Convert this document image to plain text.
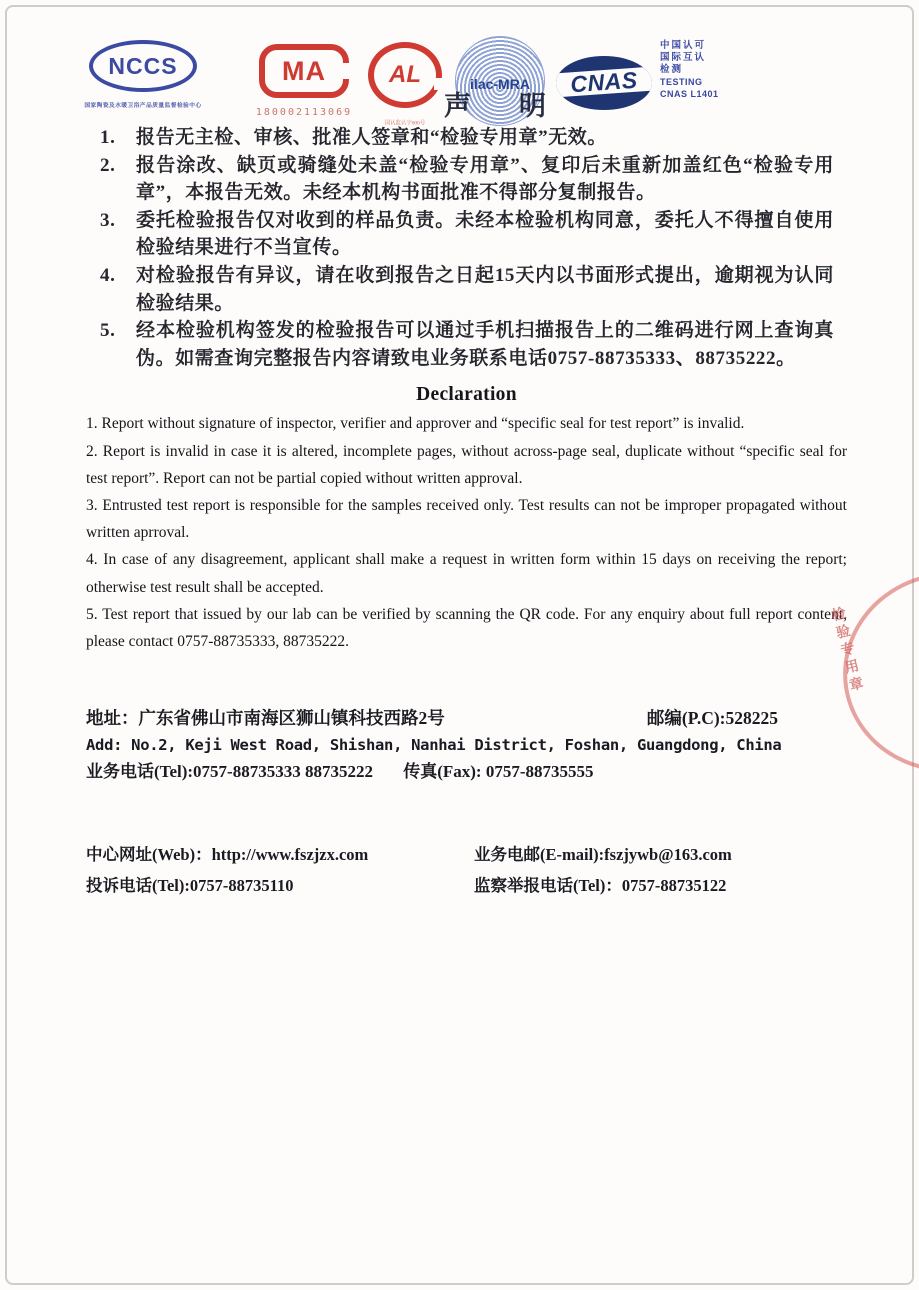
NCCS
国家陶瓷及水暖卫浴产品质量监督检验中心
MA
180002113069
AL
国认监认字000号
ilac-MRA	CNAS
中国认可
国际互认
检测
TESTING
CNAS L1401
声明
1.	报告无主检、审核、批准人签章和“检验专用章”无效。
2.	报告涂改、缺页或骑缝处未盖“检验专用章”、复印后未重新加盖红色“检验专用章”，本报告无效。未经本机构书面批准不得部分复制报告。
3.	委托检验报告仅对收到的样品负责。未经本检验机构同意，委托人不得擅自使用检验结果进行不当宣传。
4.	对检验报告有异议，请在收到报告之日起15天内以书面形式提出，逾期视为认同检验结果。
5.	经本检验机构签发的检验报告可以通过手机扫描报告上的二维码进行网上查询真伪。如需查询完整报告内容请致电业务联系电话0757-88735333、88735222。
Declaration

1. Report without signature of inspector, verifier and approver and “specific seal for test report” is invalid.

2. Report is invalid in case it is altered, incomplete pages, without across-page seal, duplicate without “specific seal for test report”. Report can not be partial copied without written approval.

3. Entrusted test report is responsible for the samples received only. Test results can not be improper propagated without written aprroval.

4. In case of any disagreement, applicant shall make a request in written form within 15 days on receiving the report; otherwise test result shall be accepted.

5. Test report that issued by our lab can be verified by scanning the QR code. For any enquiry about full report content, please contact 0757-88735333, 88735222.

地址：广东省佛山市南海区狮山镇科技西路2号	邮编(P.C):528225
Add: No.2, Keji West Road, Shishan, Nanhai District, Foshan, Guangdong, China
业务电话(Tel):0757-88735333 88735222 传真(Fax): 0757-88735555
中心网址(Web)：http://www.fszjzx.com	业务电邮(E-mail):fszjywb@163.com
投诉电话(Tel):0757-88735110	监察举报电话(Tel)：0757-88735122
检验专用章
